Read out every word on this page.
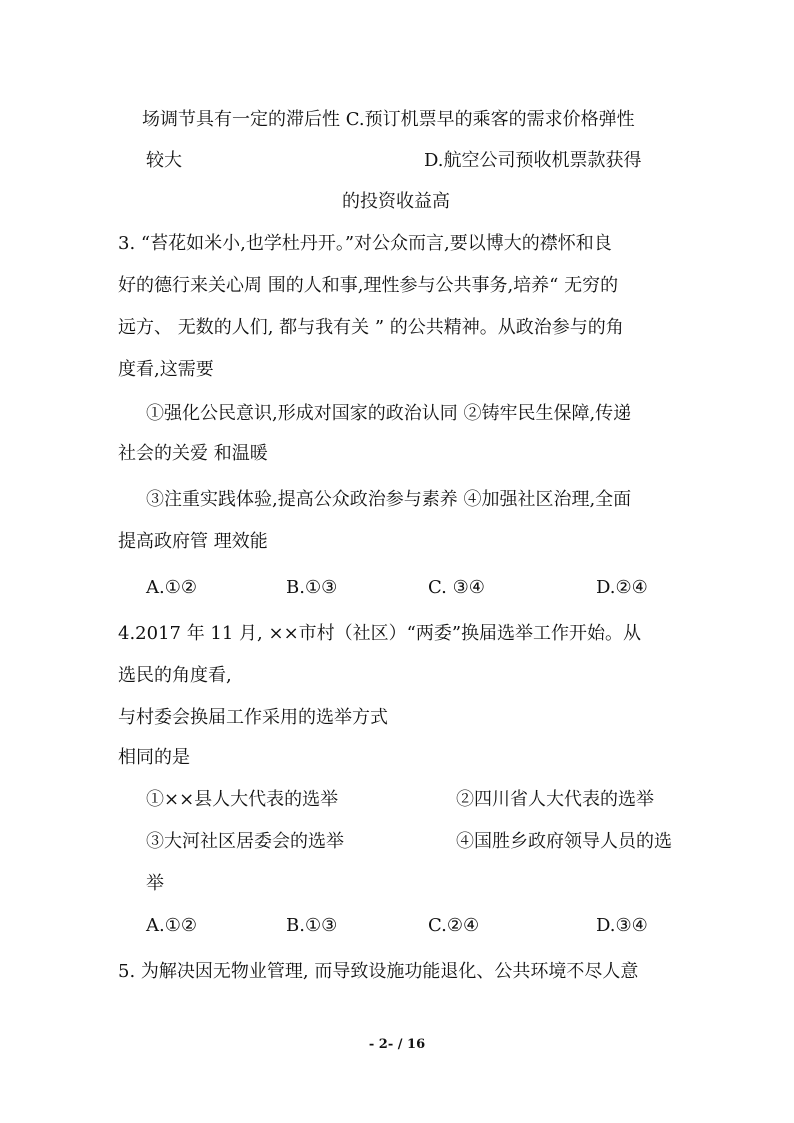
场调节具有一定的滞后性 C.预订机票早的乘客的需求价格弹性
较大	D.航空公司预收机票款获得
的投资收益高
3. “苔花如米小,也学杜丹开。”对公众而言,要以博大的襟怀和良
好的德行来关心周 围的人和事,理性参与公共事务,培养“ 无穷的
远方、 无数的人们, 都与我有关 ” 的公共精神。从政治参与的角
度看,这需要
①强化公民意识,形成对国家的政治认同 ②铸牢民生保障,传递
社会的关爱 和温暖
③注重实践体验,提高公众政治参与素养 ④加强社区治理,全面
提高政府管 理效能
A.①②	B.①③	C. ③④	D.②④
4.2017 年 11 月, ××市村（社区）“两委”换届选举工作开始。从
选民的角度看,
与村委会换届工作采用的选举方式
相同的是
①××县人大代表的选举	②四川省人大代表的选举
③大河社区居委会的选举	④国胜乡政府领导人员的选
举
A.①②	B.①③	C.②④	D.③④
5. 为解决因无物业管理, 而导致设施功能退化、公共环境不尽人意
- 2- / 16
